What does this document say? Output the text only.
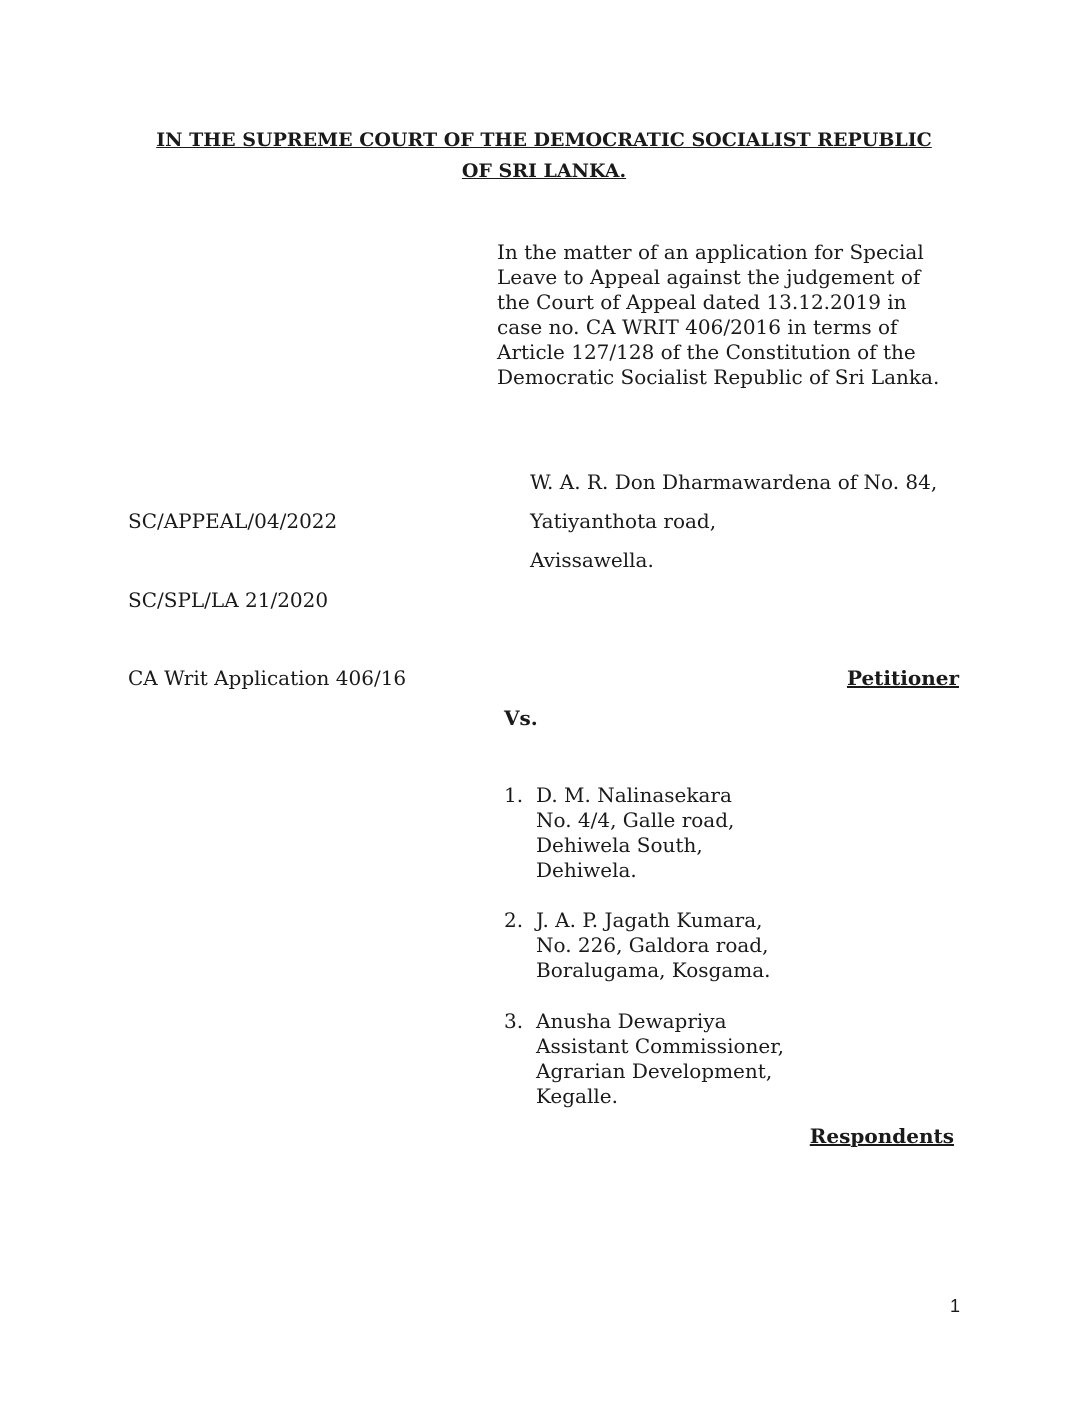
IN THE SUPREME COURT OF THE DEMOCRATIC SOCIALIST REPUBLIC
OF SRI LANKA.
In the matter of an application for Special
Leave to Appeal against the judgement of
the Court of Appeal dated 13.12.2019 in
case no. CA WRIT 406/2016 in terms of
Article 127/128 of the Constitution of the
Democratic Socialist Republic of Sri Lanka.
W. A. R. Don Dharmawardena of No. 84,
Yatiyanthota road,
Avissawella.
SC/APPEAL/04/2022
SC/SPL/LA 21/2020
CA Writ Application 406/16	Petitioner
Vs.
1. D. M. Nalinasekara
No. 4/4, Galle road,
Dehiwela South,
Dehiwela.
2. J. A. P. Jagath Kumara,
No. 226, Galdora road,
Boralugama, Kosgama.
3. Anusha Dewapriya
Assistant Commissioner,
Agrarian Development,
Kegalle.
Respondents
1
